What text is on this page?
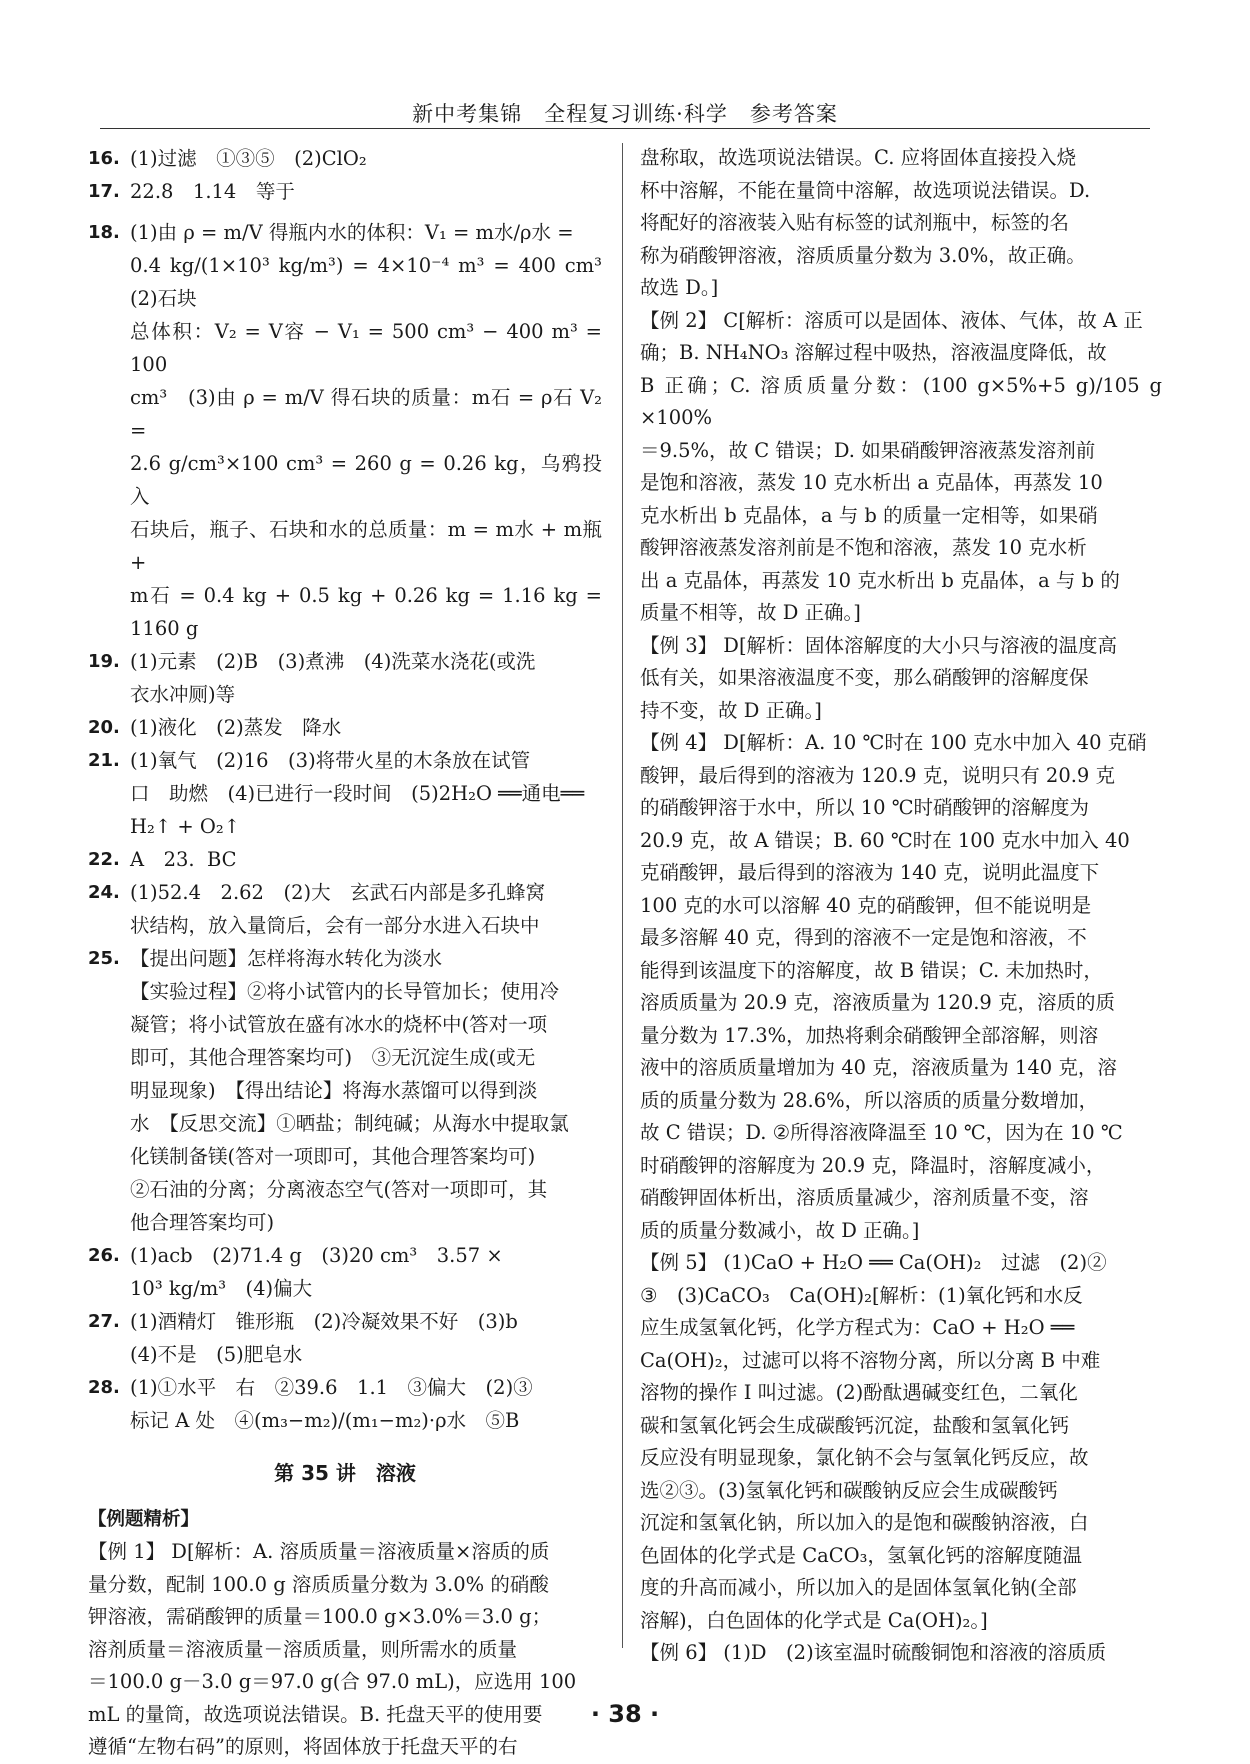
新中考集锦　全程复习训练·科学　参考答案
16. (1)过滤　①③⑤　(2)ClO₂
17. 22.8　1.14　等于
18. (1)由 ρ = m/V 得瓶内水的体积：V₁ = m水/ρ水 =
0.4 kg/(1×10³ kg/m³) = 4×10⁻⁴ m³ = 400 cm³　(2)石块
总体积：V₂ = V容 − V₁ = 500 cm³ − 400 m³ = 100
cm³　(3)由 ρ = m/V 得石块的质量：m石 = ρ石 V₂ =
2.6 g/cm³×100 cm³ = 260 g = 0.26 kg，乌鸦投入
石块后，瓶子、石块和水的总质量：m = m水 + m瓶 +
m石 = 0.4 kg + 0.5 kg + 0.26 kg = 1.16 kg = 1160 g
19. (1)元素　(2)B　(3)煮沸　(4)洗菜水浇花(或洗
衣水冲厕)等
20. (1)液化　(2)蒸发　降水
21. (1)氧气　(2)16　(3)将带火星的木条放在试管
口　助燃　(4)已进行一段时间　(5)2H₂O ══通电══
H₂↑ + O₂↑
22. A　23.  BC
24. (1)52.4　2.62　(2)大　玄武石内部是多孔蜂窝
状结构，放入量筒后，会有一部分水进入石块中
25. 【提出问题】怎样将海水转化为淡水
【实验过程】②将小试管内的长导管加长；使用冷
凝管；将小试管放在盛有冰水的烧杯中(答对一项
即可，其他合理答案均可)　③无沉淀生成(或无
明显现象)　【得出结论】将海水蒸馏可以得到淡
水　【反思交流】①晒盐；制纯碱；从海水中提取氯
化镁制备镁(答对一项即可，其他合理答案均可)
②石油的分离；分离液态空气(答对一项即可，其
他合理答案均可)
26. (1)acb　(2)71.4 g　(3)20 cm³　3.57 ×
10³ kg/m³　(4)偏大
27. (1)酒精灯　锥形瓶　(2)冷凝效果不好　(3)b
(4)不是　(5)肥皂水
28. (1)①水平　右　②39.6　1.1　③偏大　(2)③
标记 A 处　④(m₃−m₂)/(m₁−m₂)·ρ水　⑤B
第 35 讲　溶液
【例题精析】
【例 1】 D[解析：A. 溶质质量＝溶液质量×溶质的质
量分数，配制 100.0 g 溶质质量分数为 3.0% 的硝酸
钾溶液，需硝酸钾的质量＝100.0 g×3.0%＝3.0 g；
溶剂质量＝溶液质量－溶质质量，则所需水的质量
＝100.0 g－3.0 g＝97.0 g(合 97.0 mL)，应选用 100
mL 的量筒，故选项说法错误。B. 托盘天平的使用要
遵循“左物右码”的原则，将固体放于托盘天平的右
盘称取，故选项说法错误。C. 应将固体直接投入烧
杯中溶解，不能在量筒中溶解，故选项说法错误。D.
将配好的溶液装入贴有标签的试剂瓶中，标签的名
称为硝酸钾溶液，溶质质量分数为 3.0%，故正确。
故选 D。]
【例 2】 C[解析：溶质可以是固体、液体、气体，故 A 正
确；B. NH₄NO₃ 溶解过程中吸热，溶液温度降低，故
B 正确；C. 溶质质量分数：(100 g×5%+5 g)/105 g ×100%
＝9.5%，故 C 错误；D. 如果硝酸钾溶液蒸发溶剂前
是饱和溶液，蒸发 10 克水析出 a 克晶体，再蒸发 10
克水析出 b 克晶体，a 与 b 的质量一定相等，如果硝
酸钾溶液蒸发溶剂前是不饱和溶液，蒸发 10 克水析
出 a 克晶体，再蒸发 10 克水析出 b 克晶体，a 与 b 的
质量不相等，故 D 正确。]
【例 3】 D[解析：固体溶解度的大小只与溶液的温度高
低有关，如果溶液温度不变，那么硝酸钾的溶解度保
持不变，故 D 正确。]
【例 4】 D[解析：A. 10 ℃时在 100 克水中加入 40 克硝
酸钾，最后得到的溶液为 120.9 克，说明只有 20.9 克
的硝酸钾溶于水中，所以 10 ℃时硝酸钾的溶解度为
20.9 克，故 A 错误；B. 60 ℃时在 100 克水中加入 40
克硝酸钾，最后得到的溶液为 140 克，说明此温度下
100 克的水可以溶解 40 克的硝酸钾，但不能说明是
最多溶解 40 克，得到的溶液不一定是饱和溶液，不
能得到该温度下的溶解度，故 B 错误；C. 未加热时，
溶质质量为 20.9 克，溶液质量为 120.9 克，溶质的质
量分数为 17.3%，加热将剩余硝酸钾全部溶解，则溶
液中的溶质质量增加为 40 克，溶液质量为 140 克，溶
质的质量分数为 28.6%，所以溶质的质量分数增加，
故 C 错误；D. ②所得溶液降温至 10 ℃，因为在 10 ℃
时硝酸钾的溶解度为 20.9 克，降温时，溶解度减小，
硝酸钾固体析出，溶质质量减少，溶剂质量不变，溶
质的质量分数减小，故 D 正确。]
【例 5】 (1)CaO + H₂O ══ Ca(OH)₂　过滤　(2)②
③　(3)CaCO₃　Ca(OH)₂[解析：(1)氧化钙和水反
应生成氢氧化钙，化学方程式为：CaO + H₂O ══
Ca(OH)₂，过滤可以将不溶物分离，所以分离 B 中难
溶物的操作 Ⅰ 叫过滤。(2)酚酞遇碱变红色，二氧化
碳和氢氧化钙会生成碳酸钙沉淀，盐酸和氢氧化钙
反应没有明显现象，氯化钠不会与氢氧化钙反应，故
选②③。(3)氢氧化钙和碳酸钠反应会生成碳酸钙
沉淀和氢氧化钠，所以加入的是饱和碳酸钠溶液，白
色固体的化学式是 CaCO₃，氢氧化钙的溶解度随温
度的升高而减小，所以加入的是固体氢氧化钠(全部
溶解)，白色固体的化学式是 Ca(OH)₂。]
【例 6】 (1)D　(2)该室温时硫酸铜饱和溶液的溶质质
· 38 ·
